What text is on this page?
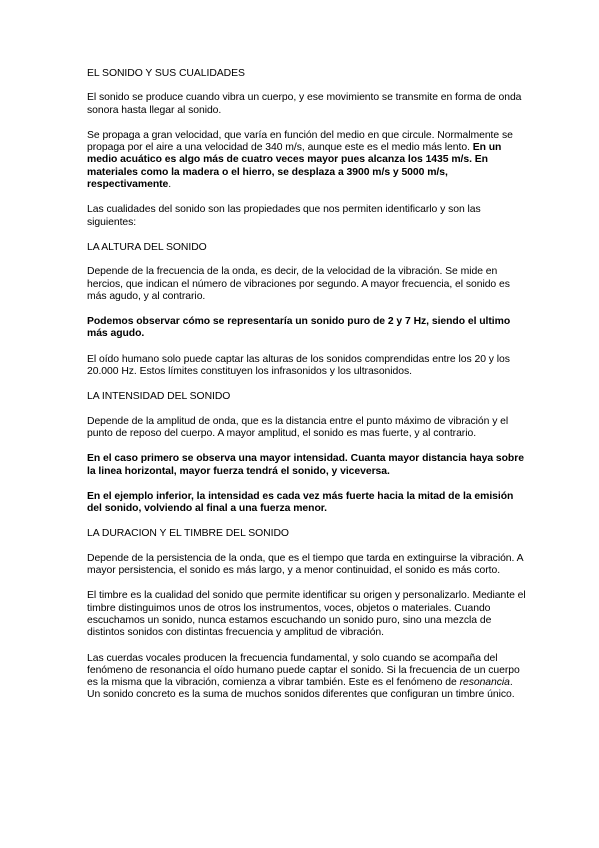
EL SONIDO Y SUS CUALIDADES

El sonido se produce cuando vibra un cuerpo, y ese movimiento se transmite en forma de onda sonora hasta llegar al sonido.

Se propaga a gran velocidad, que varía en función del medio en que circule. Normalmente se propaga por el aire a una velocidad de 340 m/s, aunque este es el medio más lento. En un medio acuático es algo más de cuatro veces mayor pues alcanza los 1435 m/s. En materiales como la madera o el hierro, se desplaza a 3900 m/s y 5000 m/s, respectivamente.

Las cualidades del sonido son las propiedades que nos permiten identificarlo y son las siguientes:

LA ALTURA DEL SONIDO

Depende de la frecuencia de la onda, es decir, de la velocidad de la vibración. Se mide en hercios, que indican el número de vibraciones por segundo. A mayor frecuencia, el sonido es más agudo, y al contrario.

Podemos observar cómo se representaría un sonido puro de 2 y 7 Hz, siendo el ultimo más agudo.

El oído humano solo puede captar las alturas de los sonidos comprendidas entre los 20 y los 20.000 Hz. Estos límites constituyen los infrasonidos y los ultrasonidos.

LA INTENSIDAD DEL SONIDO

Depende de la amplitud de onda, que es la distancia entre el punto máximo de vibración y el punto de reposo del cuerpo. A mayor amplitud, el sonido es mas fuerte, y al contrario.

En el caso primero se observa una mayor intensidad. Cuanta mayor distancia haya sobre la linea horizontal, mayor fuerza tendrá el sonido, y viceversa.

En el ejemplo inferior, la intensidad es cada vez más fuerte hacia la mitad de la emisión del sonido, volviendo al final a una fuerza menor.

LA DURACION Y EL TIMBRE DEL SONIDO

Depende de la persistencia de la onda, que es el tiempo que tarda en extinguirse la vibración. A mayor persistencia, el sonido es más largo, y a menor continuidad, el sonido es más corto.

El timbre es la cualidad del sonido que permite identificar su origen y personalizarlo. Mediante el timbre distinguimos unos de otros los instrumentos, voces, objetos o materiales. Cuando escuchamos un sonido, nunca estamos escuchando un sonido puro, sino una mezcla de distintos sonidos con distintas frecuencia y amplitud de vibración.

Las cuerdas vocales producen la frecuencia fundamental, y solo cuando se acompaña del fenómeno de resonancia el oído humano puede captar el sonido. Si la frecuencia de un cuerpo es la misma que la vibración, comienza a vibrar también. Este es el fenómeno de resonancia. Un sonido concreto es la suma de muchos sonidos diferentes que configuran un timbre único.
